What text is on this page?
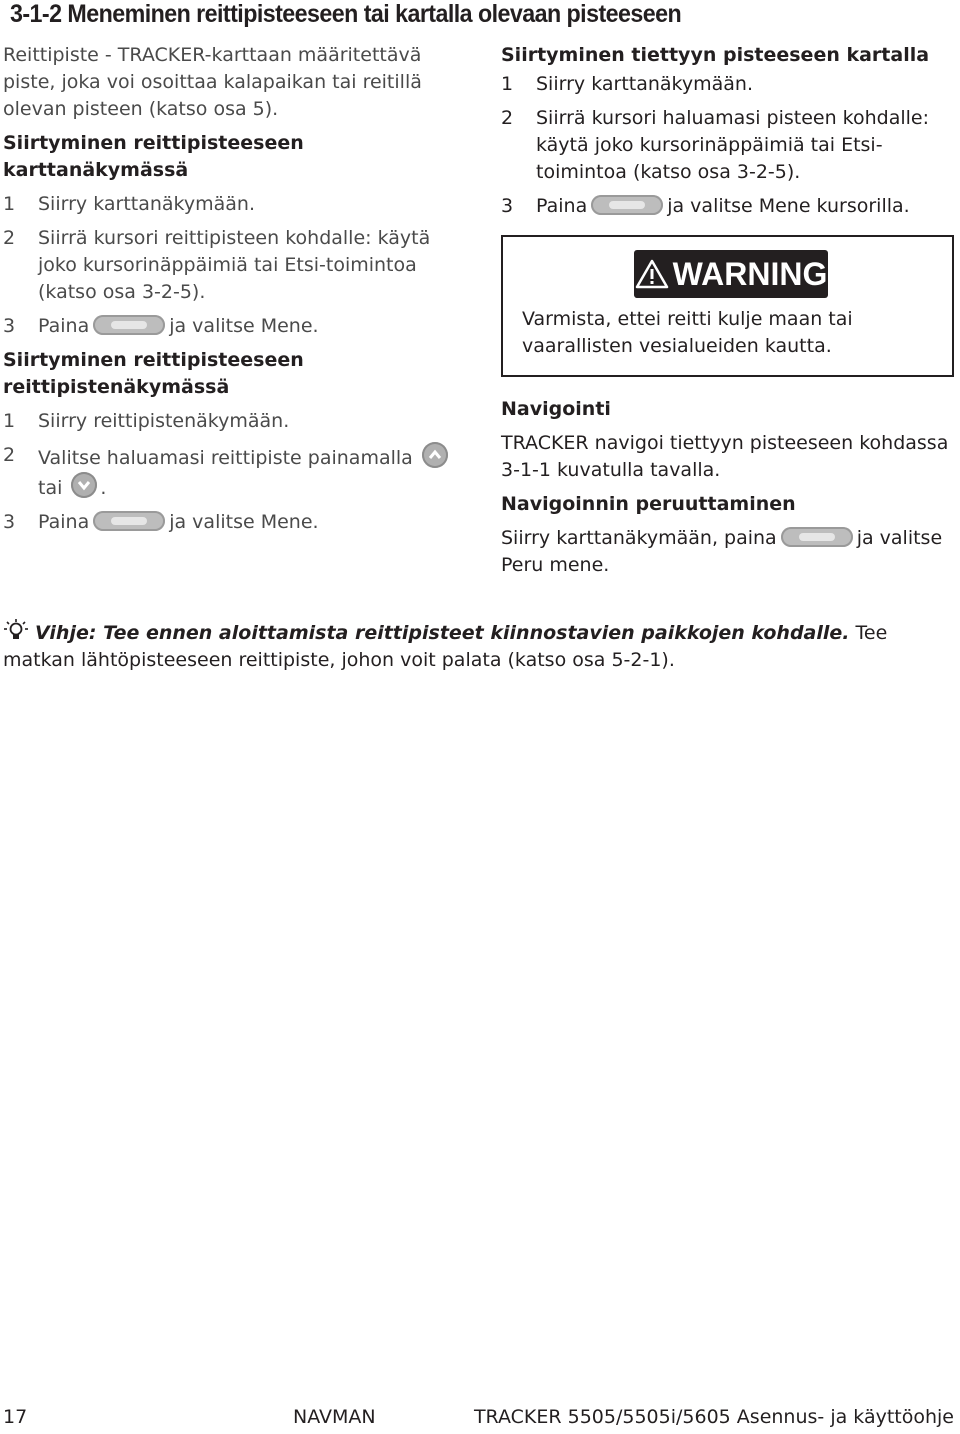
3-1-2 Meneminen reittipisteeseen tai kartalla olevaan pisteeseen

Reittipiste - TRACKER-karttaan määritettävä piste, joka voi osoittaa kalapaikan tai reitillä olevan pisteen (katso osa 5).

Siirtyminen reittipisteeseen karttanäkymässä

1	Siirry karttanäkymään.
2	Siirrä kursori reittipisteen kohdalle: käytä joko kursorinäppäimiä tai Etsi-toimintoa (katso osa 3-2-5).
3	Paina	ja valitse Mene.

Siirtyminen reittipisteeseen reittipistenäkymässä

1	Siirry reittipistenäkymään.
2	Valitse haluamasi reittipiste painamalla

tai .
3	Paina	ja valitse Mene.

Siirtyminen tiettyyn pisteeseen kartalla

1	Siirry karttanäkymään.
2	Siirrä kursori haluamasi pisteen kohdalle: käytä joko kursorinäppäimiä tai Etsi-toimintoa (katso osa 3-2-5).
3	Paina	ja valitse Mene kursorilla.
WARNING
Varmista, ettei reitti kulje maan tai vaarallisten vesialueiden kautta.

Navigointi

TRACKER navigoi tiettyyn pisteeseen kohdassa 3-1-1 kuvatulla tavalla.

Navigoinnin peruuttaminen

Siirry karttanäkymään, paina	ja valitse Peru mene.

Vihje: Tee ennen aloittamista reittipisteet kiinnostavien paikkojen kohdalle. Tee matkan lähtöpisteeseen reittipiste, johon voit palata (katso osa 5-2-1).
17	NAVMAN	TRACKER 5505/5505i/5605 Asennus- ja käyttöohje
